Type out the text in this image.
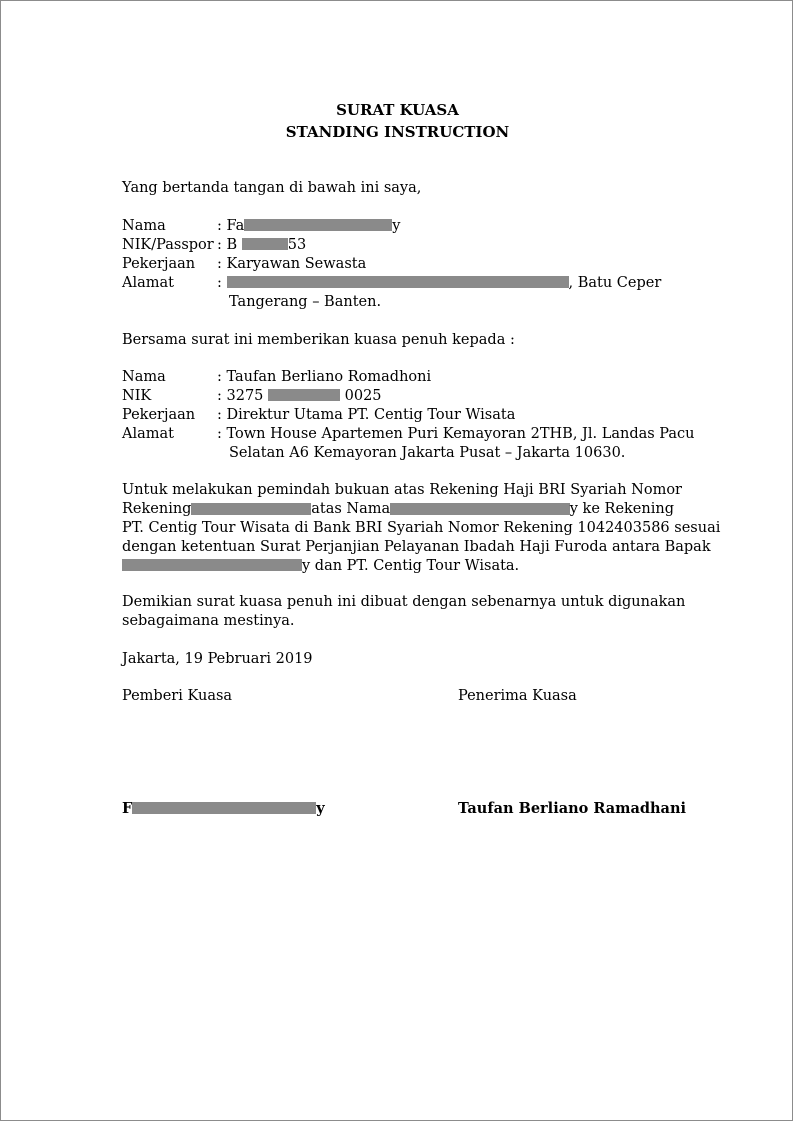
SURAT KUASA
STANDING INSTRUCTION
Yang bertanda tangan di bawah ini saya,
Nama	: Fa	y
NIK/Passpor : B	53
Pekerjaan : Karyawan Sewasta
Alamat	:	, Batu Ceper
Tangerang – Banten.
Bersama surat ini memberikan kuasa penuh kepada :
Nama	: Taufan Berliano Romadhoni
NIK	: 3275	0025
Pekerjaan : Direktur Utama PT. Centig Tour Wisata
Alamat	: Town House Apartemen Puri Kemayoran 2THB, Jl. Landas Pacu
Selatan A6 Kemayoran Jakarta Pusat – Jakarta 10630.
Untuk melakukan pemindah bukuan atas Rekening Haji BRI Syariah Nomor
Rekening	atas Nama	y ke Rekening
PT. Centig Tour Wisata di Bank BRI Syariah Nomor Rekening 1042403586 sesuai
dengan ketentuan Surat Perjanjian Pelayanan Ibadah Haji Furoda antara Bapak
y dan PT. Centig Tour Wisata.
Demikian surat kuasa penuh ini dibuat dengan sebenarnya untuk digunakan
sebagaimana mestinya.
Jakarta, 19 Pebruari 2019
Pemberi Kuasa	Penerima Kuasa
F	y	Taufan Berliano Ramadhani
